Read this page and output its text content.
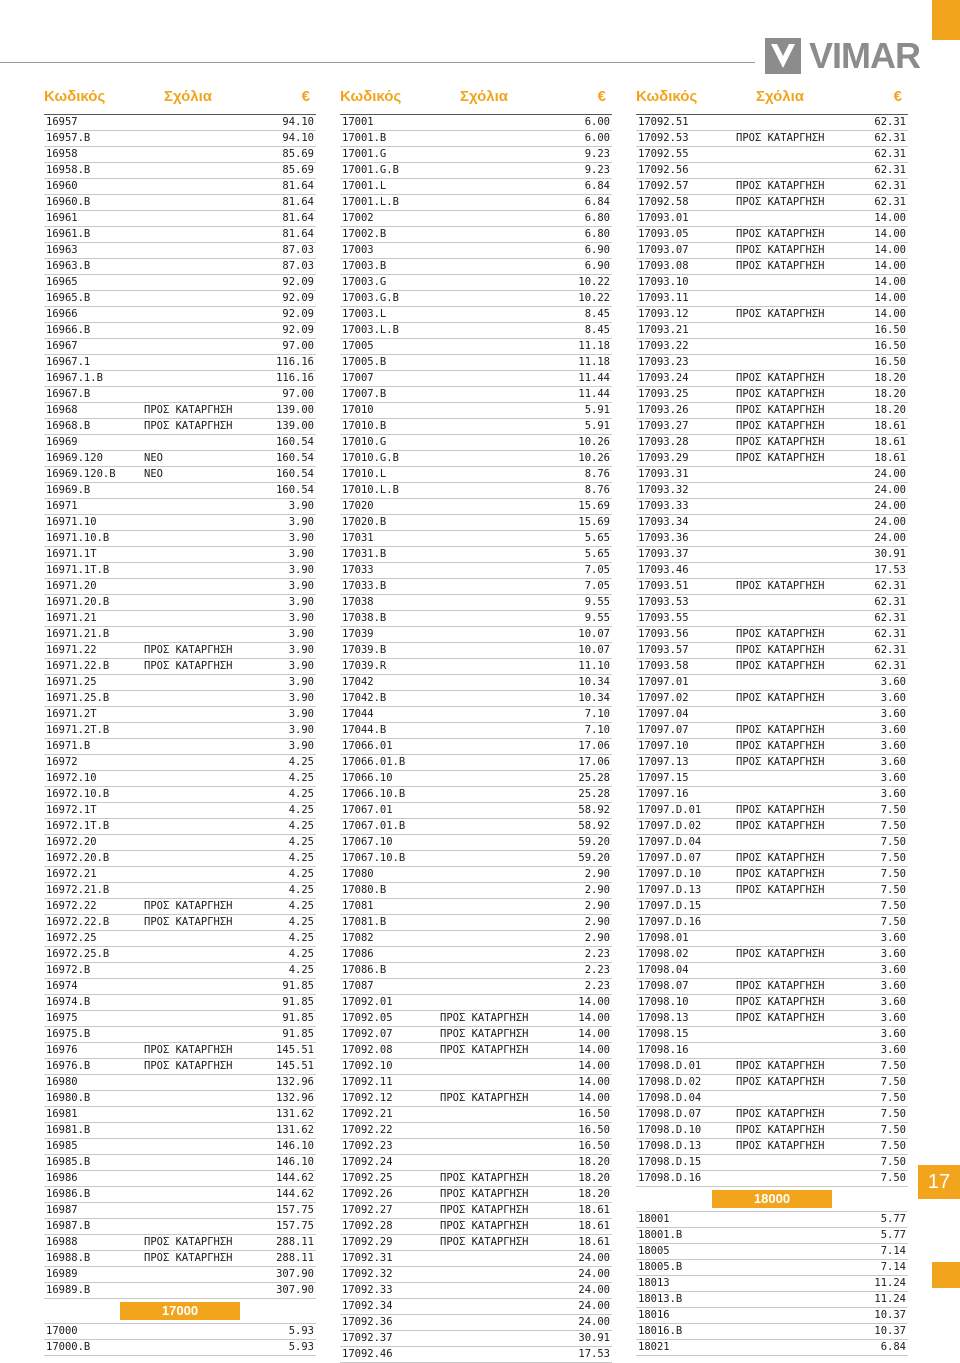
VIMAR
Κωδικός	Σχόλια	€
16957	94.10
16957.B	94.10
16958	85.69
16958.B	85.69
16960	81.64
16960.B	81.64
16961	81.64
16961.B	81.64
16963	87.03
16963.B	87.03
16965	92.09
16965.B	92.09
16966	92.09
16966.B	92.09
16967	97.00
16967.1	116.16
16967.1.B	116.16
16967.B	97.00
16968	ΠΡΟΣ ΚΑΤΑΡΓΗΣΗ	139.00
16968.B	ΠΡΟΣ ΚΑΤΑΡΓΗΣΗ	139.00
16969	160.54
16969.120	ΝΕΟ	160.54
16969.120.B	ΝΕΟ	160.54
16969.B	160.54
16971	3.90
16971.10	3.90
16971.10.B	3.90
16971.1T	3.90
16971.1T.B	3.90
16971.20	3.90
16971.20.B	3.90
16971.21	3.90
16971.21.B	3.90
16971.22	ΠΡΟΣ ΚΑΤΑΡΓΗΣΗ	3.90
16971.22.B	ΠΡΟΣ ΚΑΤΑΡΓΗΣΗ	3.90
16971.25	3.90
16971.25.B	3.90
16971.2T	3.90
16971.2T.B	3.90
16971.B	3.90
16972	4.25
16972.10	4.25
16972.10.B	4.25
16972.1T	4.25
16972.1T.B	4.25
16972.20	4.25
16972.20.B	4.25
16972.21	4.25
16972.21.B	4.25
16972.22	ΠΡΟΣ ΚΑΤΑΡΓΗΣΗ	4.25
16972.22.B	ΠΡΟΣ ΚΑΤΑΡΓΗΣΗ	4.25
16972.25	4.25
16972.25.B	4.25
16972.B	4.25
16974	91.85
16974.B	91.85
16975	91.85
16975.B	91.85
16976	ΠΡΟΣ ΚΑΤΑΡΓΗΣΗ	145.51
16976.B	ΠΡΟΣ ΚΑΤΑΡΓΗΣΗ	145.51
16980	132.96
16980.B	132.96
16981	131.62
16981.B	131.62
16985	146.10
16985.B	146.10
16986	144.62
16986.B	144.62
16987	157.75
16987.B	157.75
16988	ΠΡΟΣ ΚΑΤΑΡΓΗΣΗ	288.11
16988.B	ΠΡΟΣ ΚΑΤΑΡΓΗΣΗ	288.11
16989	307.90
16989.B	307.90
17000
17000	5.93
17000.B	5.93
Κωδικός	Σχόλια	€
17001	6.00
17001.B	6.00
17001.G	9.23
17001.G.B	9.23
17001.L	6.84
17001.L.B	6.84
17002	6.80
17002.B	6.80
17003	6.90
17003.B	6.90
17003.G	10.22
17003.G.B	10.22
17003.L	8.45
17003.L.B	8.45
17005	11.18
17005.B	11.18
17007	11.44
17007.B	11.44
17010	5.91
17010.B	5.91
17010.G	10.26
17010.G.B	10.26
17010.L	8.76
17010.L.B	8.76
17020	15.69
17020.B	15.69
17031	5.65
17031.B	5.65
17033	7.05
17033.B	7.05
17038	9.55
17038.B	9.55
17039	10.07
17039.B	10.07
17039.R	11.10
17042	10.34
17042.B	10.34
17044	7.10
17044.B	7.10
17066.01	17.06
17066.01.B	17.06
17066.10	25.28
17066.10.B	25.28
17067.01	58.92
17067.01.B	58.92
17067.10	59.20
17067.10.B	59.20
17080	2.90
17080.B	2.90
17081	2.90
17081.B	2.90
17082	2.90
17086	2.23
17086.B	2.23
17087	2.23
17092.01	14.00
17092.05	ΠΡΟΣ ΚΑΤΑΡΓΗΣΗ	14.00
17092.07	ΠΡΟΣ ΚΑΤΑΡΓΗΣΗ	14.00
17092.08	ΠΡΟΣ ΚΑΤΑΡΓΗΣΗ	14.00
17092.10	14.00
17092.11	14.00
17092.12	ΠΡΟΣ ΚΑΤΑΡΓΗΣΗ	14.00
17092.21	16.50
17092.22	16.50
17092.23	16.50
17092.24	18.20
17092.25	ΠΡΟΣ ΚΑΤΑΡΓΗΣΗ	18.20
17092.26	ΠΡΟΣ ΚΑΤΑΡΓΗΣΗ	18.20
17092.27	ΠΡΟΣ ΚΑΤΑΡΓΗΣΗ	18.61
17092.28	ΠΡΟΣ ΚΑΤΑΡΓΗΣΗ	18.61
17092.29	ΠΡΟΣ ΚΑΤΑΡΓΗΣΗ	18.61
17092.31	24.00
17092.32	24.00
17092.33	24.00
17092.34	24.00
17092.36	24.00
17092.37	30.91
17092.46	17.53
Κωδικός	Σχόλια	€
17092.51	62.31
17092.53	ΠΡΟΣ ΚΑΤΑΡΓΗΣΗ	62.31
17092.55	62.31
17092.56	62.31
17092.57	ΠΡΟΣ ΚΑΤΑΡΓΗΣΗ	62.31
17092.58	ΠΡΟΣ ΚΑΤΑΡΓΗΣΗ	62.31
17093.01	14.00
17093.05	ΠΡΟΣ ΚΑΤΑΡΓΗΣΗ	14.00
17093.07	ΠΡΟΣ ΚΑΤΑΡΓΗΣΗ	14.00
17093.08	ΠΡΟΣ ΚΑΤΑΡΓΗΣΗ	14.00
17093.10	14.00
17093.11	14.00
17093.12	ΠΡΟΣ ΚΑΤΑΡΓΗΣΗ	14.00
17093.21	16.50
17093.22	16.50
17093.23	16.50
17093.24	ΠΡΟΣ ΚΑΤΑΡΓΗΣΗ	18.20
17093.25	ΠΡΟΣ ΚΑΤΑΡΓΗΣΗ	18.20
17093.26	ΠΡΟΣ ΚΑΤΑΡΓΗΣΗ	18.20
17093.27	ΠΡΟΣ ΚΑΤΑΡΓΗΣΗ	18.61
17093.28	ΠΡΟΣ ΚΑΤΑΡΓΗΣΗ	18.61
17093.29	ΠΡΟΣ ΚΑΤΑΡΓΗΣΗ	18.61
17093.31	24.00
17093.32	24.00
17093.33	24.00
17093.34	24.00
17093.36	24.00
17093.37	30.91
17093.46	17.53
17093.51	ΠΡΟΣ ΚΑΤΑΡΓΗΣΗ	62.31
17093.53	62.31
17093.55	62.31
17093.56	ΠΡΟΣ ΚΑΤΑΡΓΗΣΗ	62.31
17093.57	ΠΡΟΣ ΚΑΤΑΡΓΗΣΗ	62.31
17093.58	ΠΡΟΣ ΚΑΤΑΡΓΗΣΗ	62.31
17097.01	3.60
17097.02	ΠΡΟΣ ΚΑΤΑΡΓΗΣΗ	3.60
17097.04	3.60
17097.07	ΠΡΟΣ ΚΑΤΑΡΓΗΣΗ	3.60
17097.10	ΠΡΟΣ ΚΑΤΑΡΓΗΣΗ	3.60
17097.13	ΠΡΟΣ ΚΑΤΑΡΓΗΣΗ	3.60
17097.15	3.60
17097.16	3.60
17097.D.01	ΠΡΟΣ ΚΑΤΑΡΓΗΣΗ	7.50
17097.D.02	ΠΡΟΣ ΚΑΤΑΡΓΗΣΗ	7.50
17097.D.04	7.50
17097.D.07	ΠΡΟΣ ΚΑΤΑΡΓΗΣΗ	7.50
17097.D.10	ΠΡΟΣ ΚΑΤΑΡΓΗΣΗ	7.50
17097.D.13	ΠΡΟΣ ΚΑΤΑΡΓΗΣΗ	7.50
17097.D.15	7.50
17097.D.16	7.50
17098.01	3.60
17098.02	ΠΡΟΣ ΚΑΤΑΡΓΗΣΗ	3.60
17098.04	3.60
17098.07	ΠΡΟΣ ΚΑΤΑΡΓΗΣΗ	3.60
17098.10	ΠΡΟΣ ΚΑΤΑΡΓΗΣΗ	3.60
17098.13	ΠΡΟΣ ΚΑΤΑΡΓΗΣΗ	3.60
17098.15	3.60
17098.16	3.60
17098.D.01	ΠΡΟΣ ΚΑΤΑΡΓΗΣΗ	7.50
17098.D.02	ΠΡΟΣ ΚΑΤΑΡΓΗΣΗ	7.50
17098.D.04	7.50
17098.D.07	ΠΡΟΣ ΚΑΤΑΡΓΗΣΗ	7.50
17098.D.10	ΠΡΟΣ ΚΑΤΑΡΓΗΣΗ	7.50
17098.D.13	ΠΡΟΣ ΚΑΤΑΡΓΗΣΗ	7.50
17098.D.15	7.50
17098.D.16	7.50
18000
18001	5.77
18001.B	5.77
18005	7.14
18005.B	7.14
18013	11.24
18013.B	11.24
18016	10.37
18016.B	10.37
18021	6.84
17
